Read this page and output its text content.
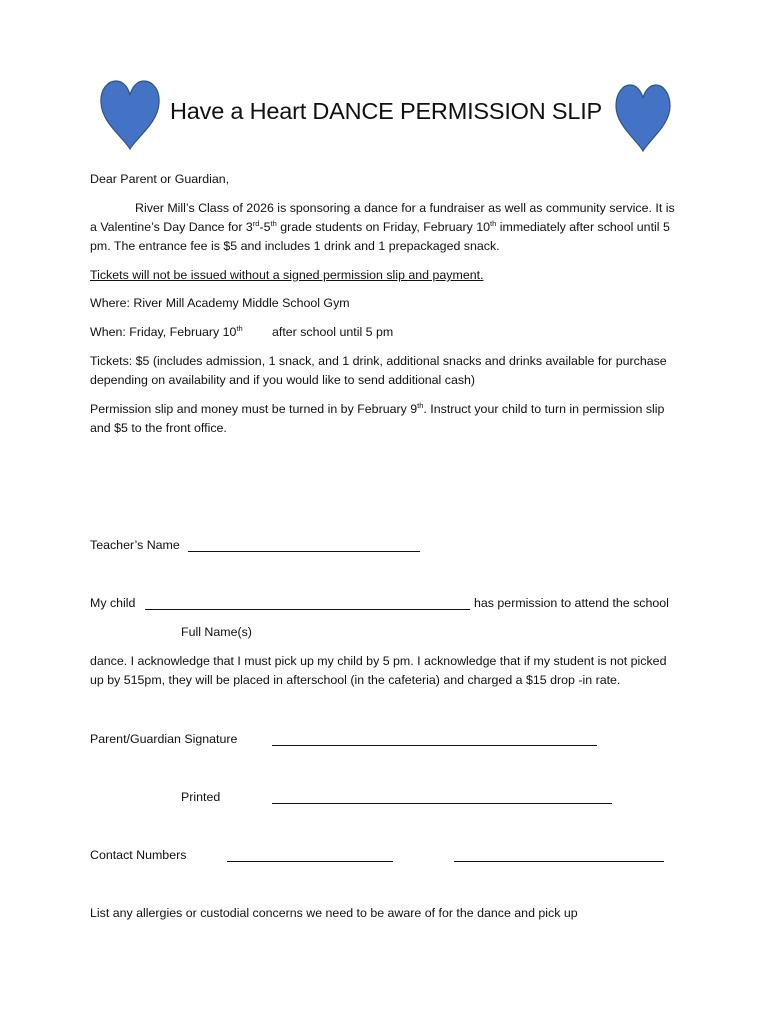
Have a Heart DANCE PERMISSION SLIP
Dear Parent or Guardian,
River Mill’s Class of 2026 is sponsoring a dance for a fundraiser as well as community service. It is a Valentine’s Day Dance for 3rd-5th grade students on Friday, February 10th immediately after school until 5 pm. The entrance fee is $5 and includes 1 drink and 1 prepackaged snack.
Tickets will not be issued without a signed permission slip and payment.
Where: River Mill Academy Middle School Gym
When: Friday, February 10th after school until 5 pm
Tickets: $5 (includes admission, 1 snack, and 1 drink, additional snacks and drinks available for purchase depending on availability and if you would like to send additional cash)
Permission slip and money must be turned in by February 9th. Instruct your child to turn in permission slip and $5 to the front office.
Teacher’s Name
My child	has permission to attend the school
Full Name(s)
dance. I acknowledge that I must pick up my child by 5 pm. I acknowledge that if my student is not picked up by 515pm, they will be placed in afterschool (in the cafeteria) and charged a $15 drop -in rate.
Parent/Guardian Signature
Printed
Contact Numbers
List any allergies or custodial concerns we need to be aware of for the dance and pick up
